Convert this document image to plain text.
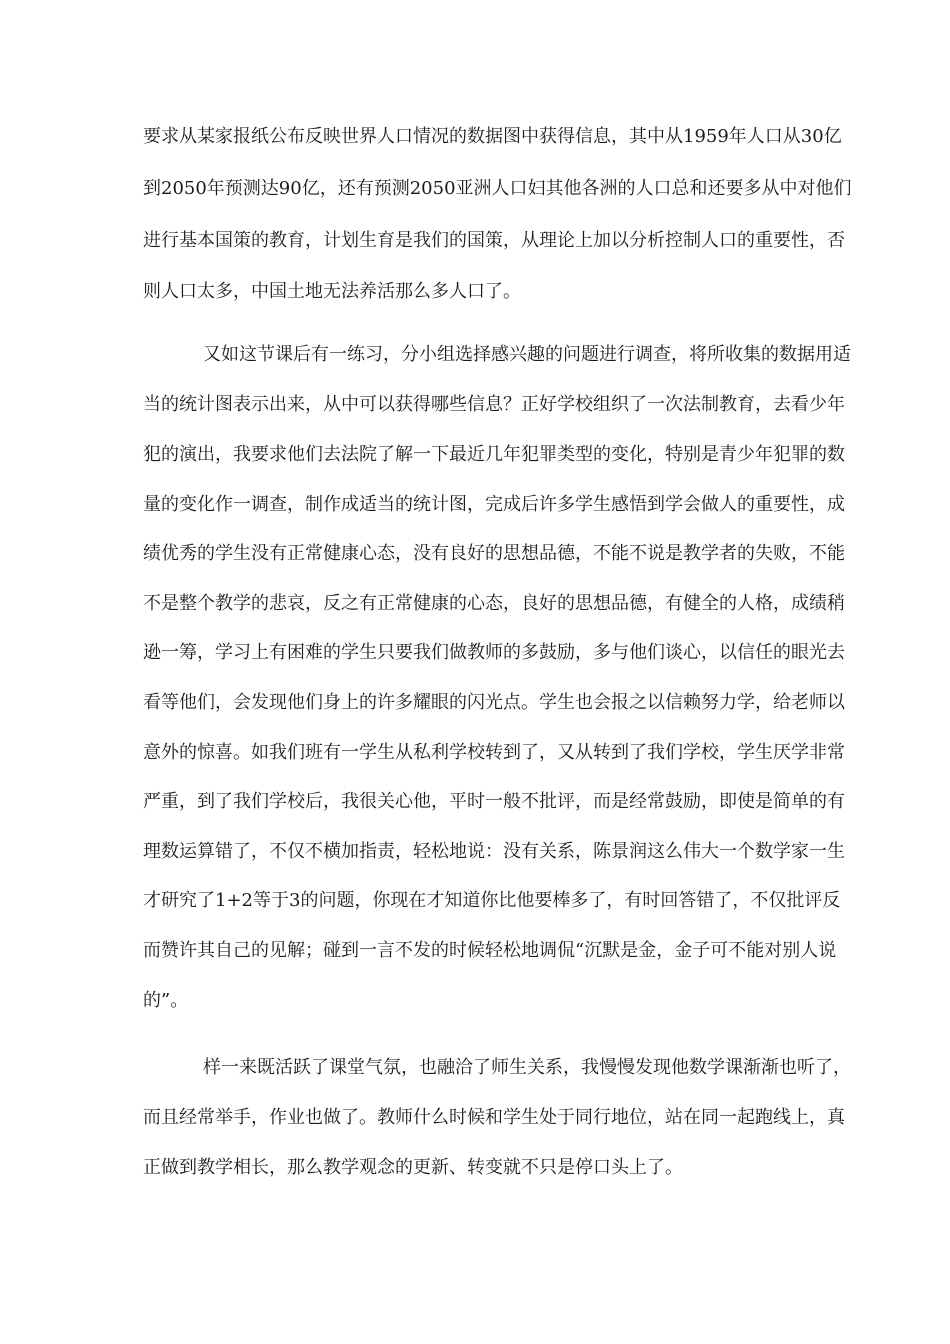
要求从某家报纸公布反映世界人口情况的数据图中获得信息，其中从1959年人口从30亿
到2050年预测达90亿，还有预测2050亚洲人口妇其他各洲的人口总和还要多从中对他们
进行基本国策的教育，计划生育是我们的国策，从理论上加以分析控制人口的重要性，否
则人口太多，中国土地无法养活那么多人口了。
又如这节课后有一练习，分小组选择感兴趣的问题进行调查，将所收集的数据用适
当的统计图表示出来，从中可以获得哪些信息？正好学校组织了一次法制教育，去看少年
犯的演出，我要求他们去法院了解一下最近几年犯罪类型的变化，特别是青少年犯罪的数
量的变化作一调查，制作成适当的统计图，完成后许多学生感悟到学会做人的重要性，成
绩优秀的学生没有正常健康心态，没有良好的思想品德，不能不说是教学者的失败，不能
不是整个教学的悲哀，反之有正常健康的心态，良好的思想品德，有健全的人格，成绩稍
逊一筹，学习上有困难的学生只要我们做教师的多鼓励，多与他们谈心，以信任的眼光去
看等他们，会发现他们身上的许多耀眼的闪光点。学生也会报之以信赖努力学，给老师以
意外的惊喜。如我们班有一学生从私利学校转到了，又从转到了我们学校，学生厌学非常
严重，到了我们学校后，我很关心他，平时一般不批评，而是经常鼓励，即使是简单的有
理数运算错了，不仅不横加指责，轻松地说：没有关系，陈景润这么伟大一个数学家一生
才研究了1+2等于3的问题，你现在才知道你比他要棒多了，有时回答错了，不仅批评反
而赞许其自己的见解；碰到一言不发的时候轻松地调侃“沉默是金，金子可不能对别人说
的”。
样一来既活跃了课堂气氛，也融洽了师生关系，我慢慢发现他数学课渐渐也听了，
而且经常举手，作业也做了。教师什么时候和学生处于同行地位，站在同一起跑线上，真
正做到教学相长，那么教学观念的更新、转变就不只是停口头上了。
